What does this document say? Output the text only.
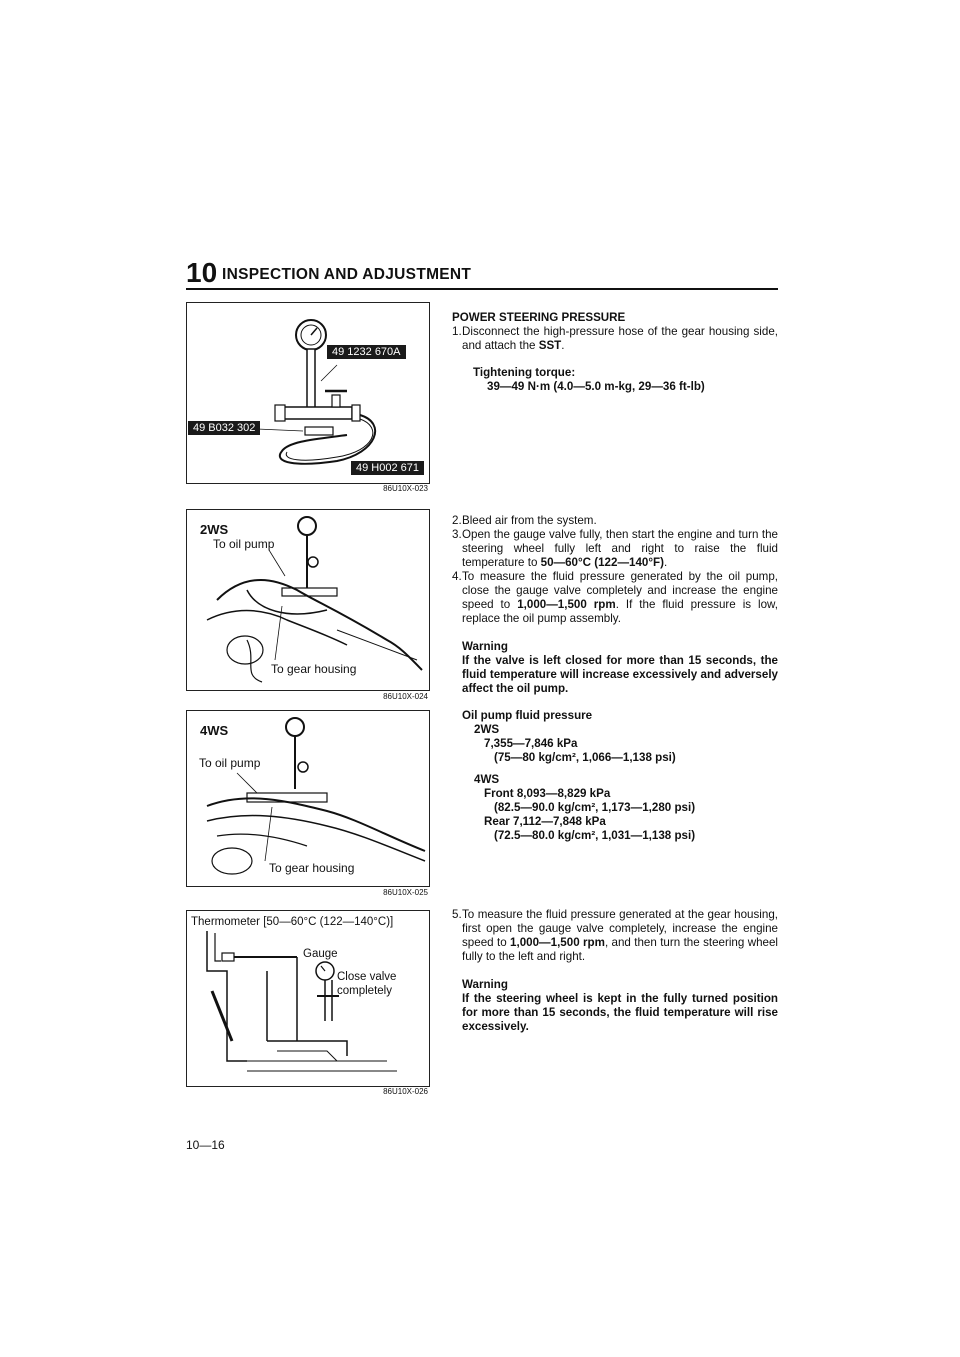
10 INSPECTION AND ADJUSTMENT
49 1232 670A
49 B032 302
49 H002 671
86U10X-023
2WS
To oil pump
To gear housing
86U10X-024
4WS
To oil pump
To gear housing
86U10X-025
Thermometer [50—60°C (122—140°C)]
Gauge
Close valve
completely
86U10X-026

POWER STEERING PRESSURE

1. Disconnect the high-pressure hose of the gear housing side, and attach the SST.

Tightening torque:

39—49 N·m (4.0—5.0 m-kg, 29—36 ft-lb)

2. Bleed air from the system.
3. Open the gauge valve fully, then start the engine and turn the steering wheel fully left and right to raise the fluid temperature to 50—60°C (122—140°F).
4. To measure the fluid pressure generated by the oil pump, close the gauge valve completely and increase the engine speed to 1,000—1,500 rpm. If the fluid pressure is low, replace the oil pump assembly.

Warning

If the valve is left closed for more than 15 seconds, the fluid temperature will increase excessively and adversely affect the oil pump.

Oil pump fluid pressure

2WS

7,355—7,846 kPa

(75—80 kg/cm², 1,066—1,138 psi)

4WS

Front 8,093—8,829 kPa

(82.5—90.0 kg/cm², 1,173—1,280 psi)

Rear 7,112—7,848 kPa

(72.5—80.0 kg/cm², 1,031—1,138 psi)

5. To measure the fluid pressure generated at the gear housing, first open the gauge valve completely, increase the engine speed to 1,000—1,500 rpm, and then turn the steering wheel fully to the left and right.

Warning

If the steering wheel is kept in the fully turned position for more than 15 seconds, the fluid temperature will rise excessively.

10—16
